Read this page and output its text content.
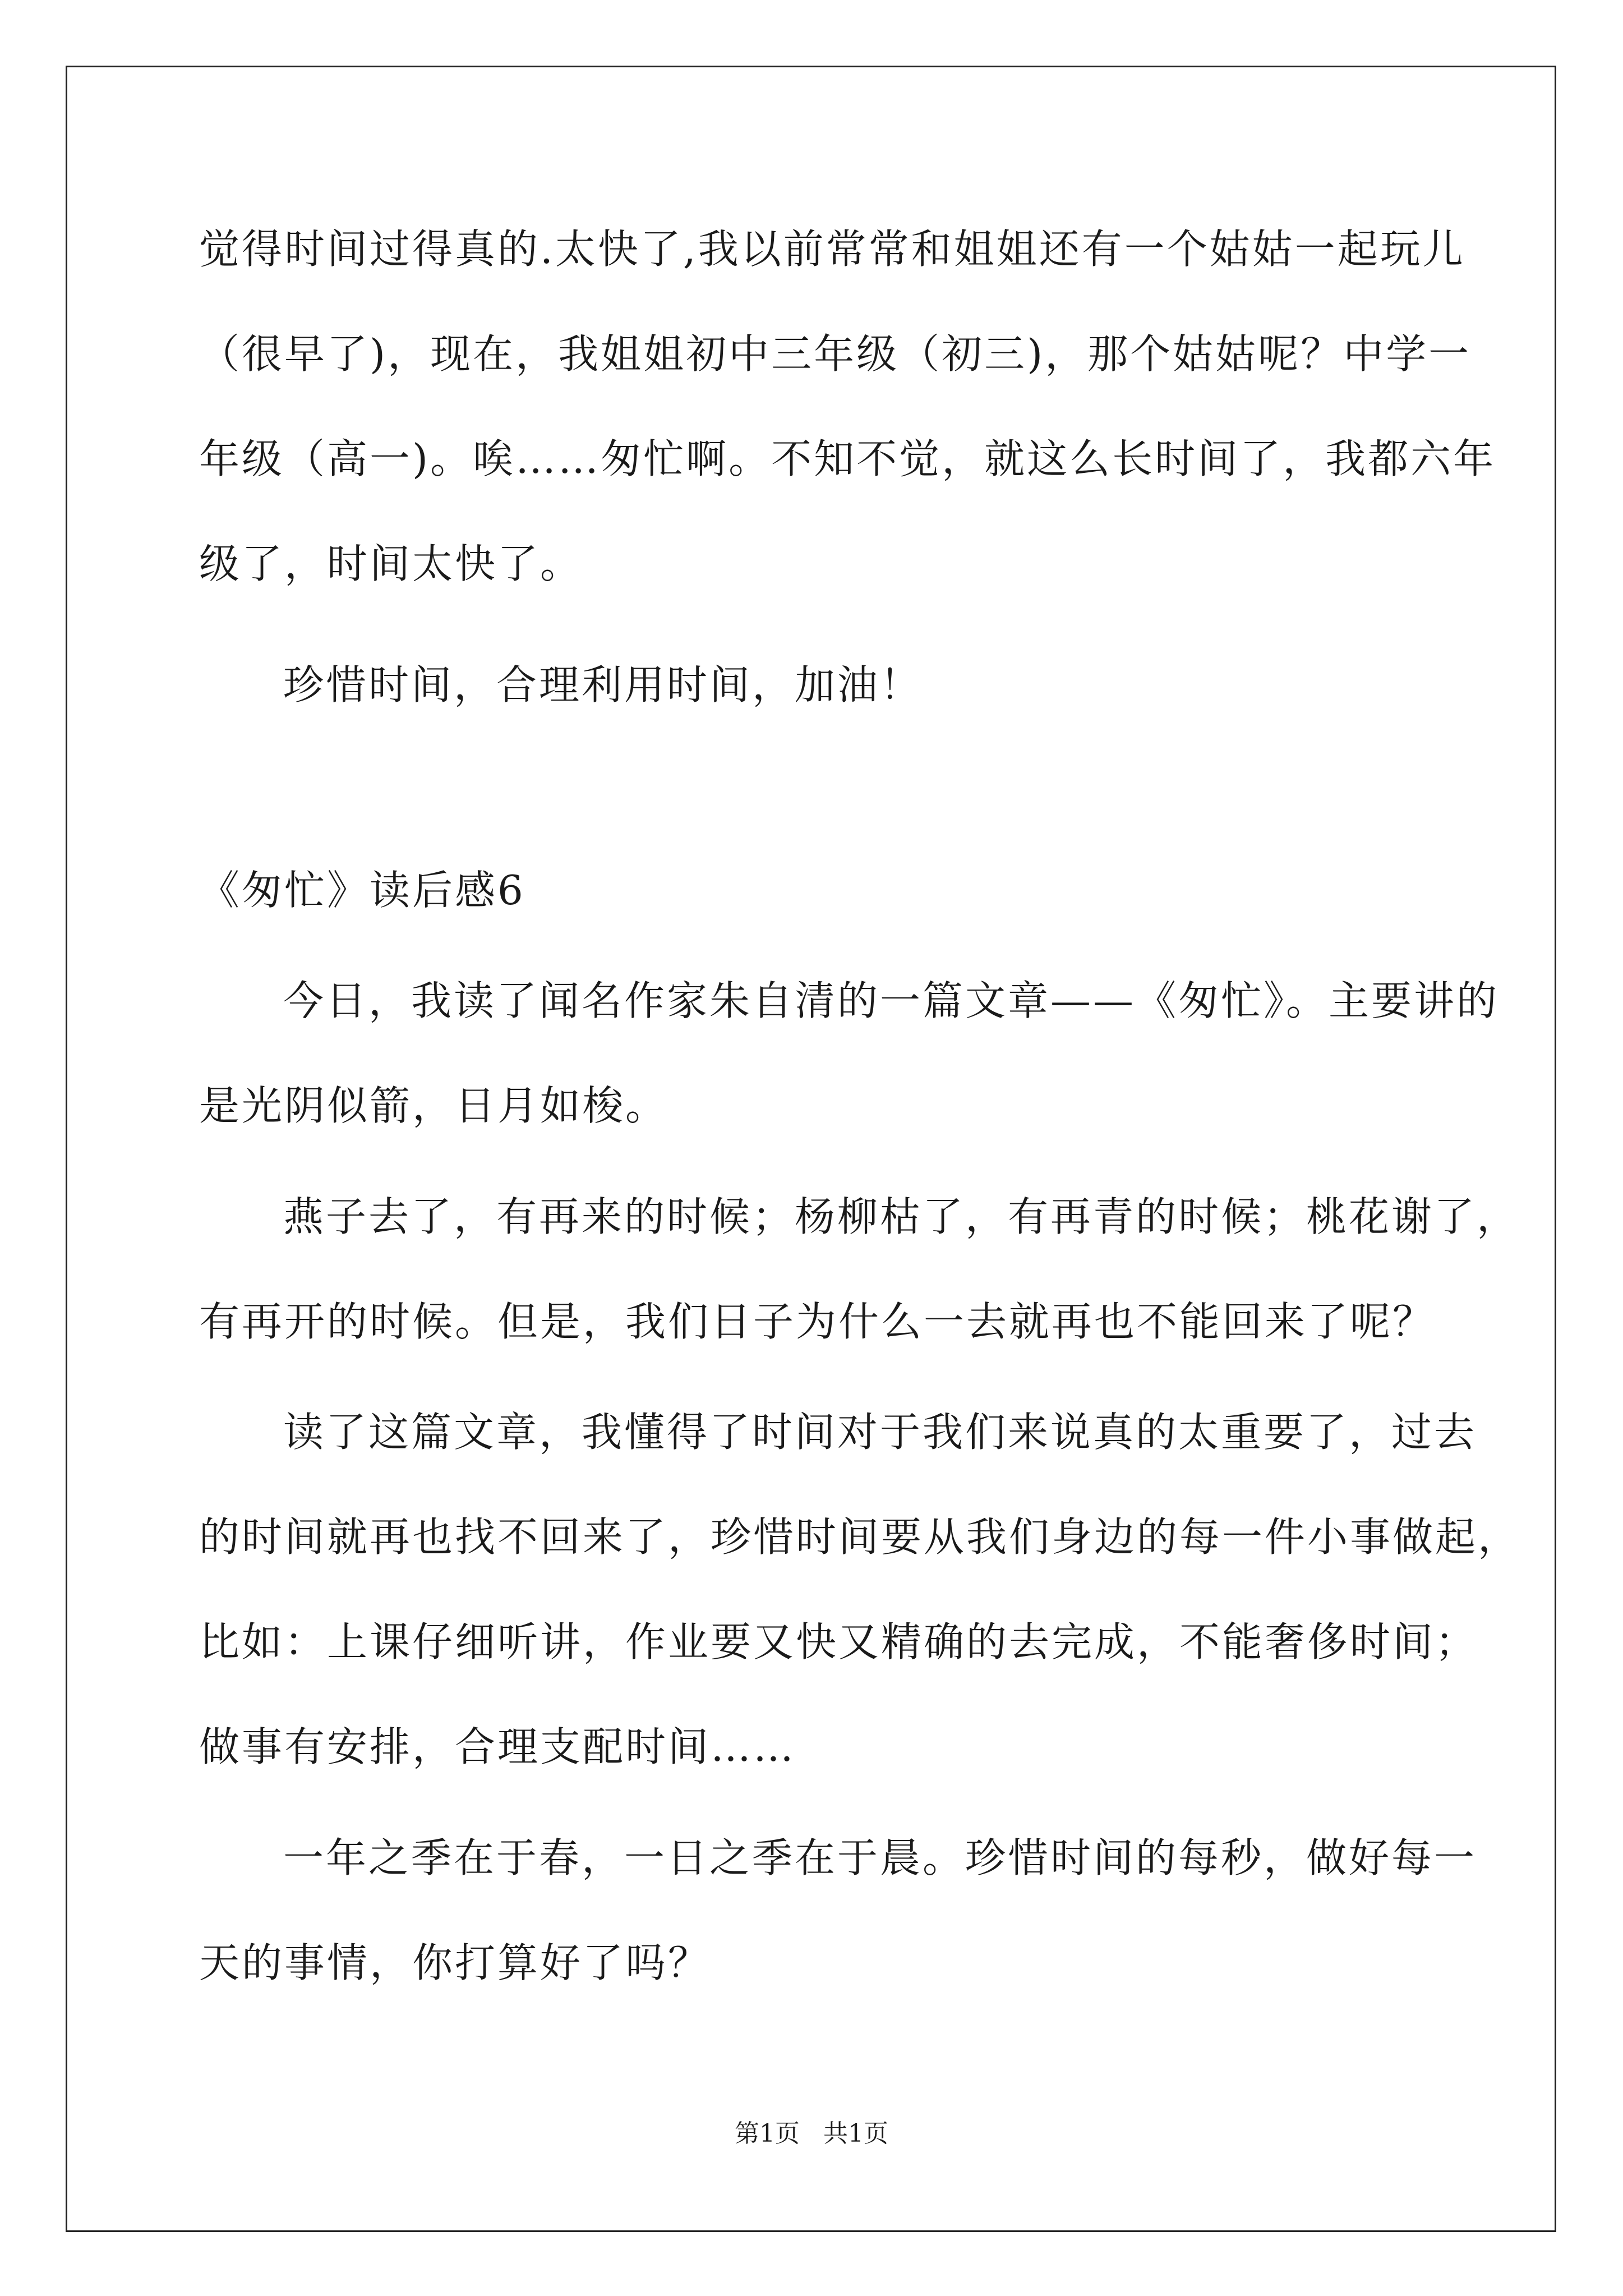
觉得时间过得真的.太快了,我以前常常和姐姐还有一个姑姑一起玩儿
（很早了)，现在，我姐姐初中三年级（初三)，那个姑姑呢？中学一
年级（高一)。唉……匆忙啊。不知不觉，就这么长时间了，我都六年
级了，时间太快了。
珍惜时间，合理利用时间，加油！
《匆忙》读后感6
今日，我读了闻名作家朱自清的一篇文章——《匆忙》。主要讲的
是光阴似箭，日月如梭。
燕子去了，有再来的时候；杨柳枯了，有再青的时候；桃花谢了，
有再开的时候。但是，我们日子为什么一去就再也不能回来了呢？
读了这篇文章，我懂得了时间对于我们来说真的太重要了，过去
的时间就再也找不回来了，珍惜时间要从我们身边的每一件小事做起，
比如：上课仔细听讲，作业要又快又精确的去完成，不能奢侈时间；
做事有安排，合理支配时间……
一年之季在于春，一日之季在于晨。珍惜时间的每秒，做好每一
天的事情，你打算好了吗？
第1页   共1页
